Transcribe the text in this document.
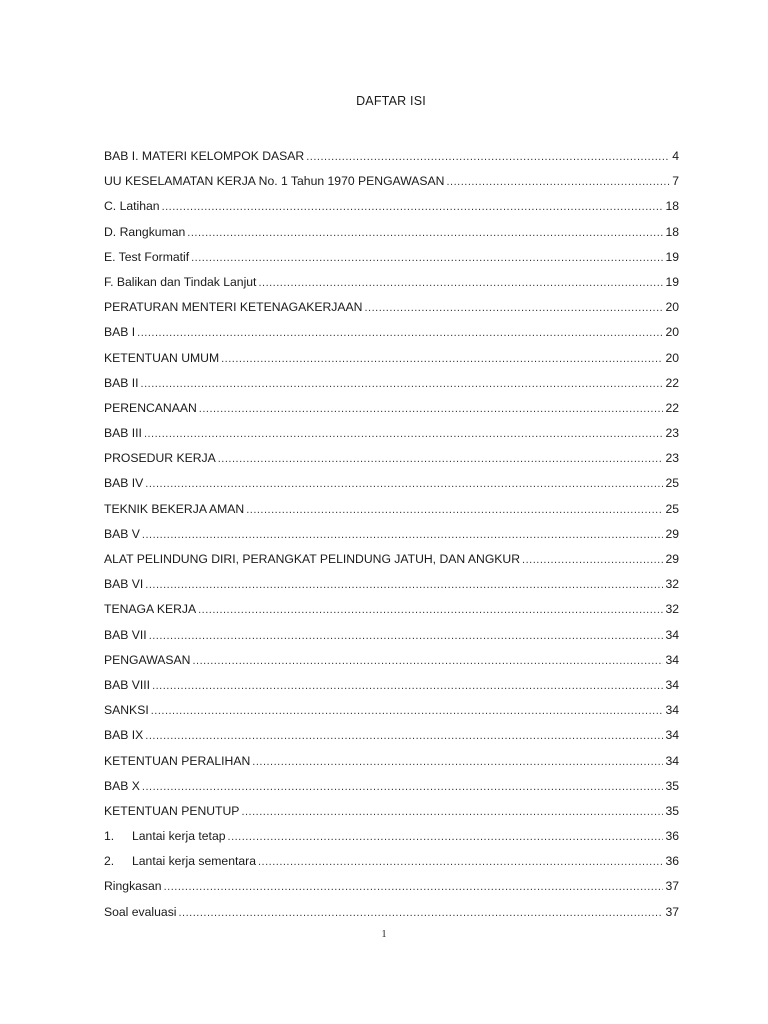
DAFTAR ISI
BAB I. MATERI KELOMPOK DASAR .....	4
UU KESELAMATAN KERJA No. 1 Tahun 1970 PENGAWASAN .....	7
C. Latihan .....	18
D. Rangkuman .....	18
E. Test Formatif .....	19
F. Balikan dan Tindak Lanjut .....	19
PERATURAN MENTERI KETENAGAKERJAAN .....	20
BAB I .....	20
KETENTUAN UMUM .....	20
BAB II .....	22
PERENCANAAN .....	22
BAB III .....	23
PROSEDUR KERJA .....	23
BAB IV .....	25
TEKNIK BEKERJA AMAN .....	25
BAB V .....	29
ALAT PELINDUNG DIRI, PERANGKAT PELINDUNG JATUH, DAN ANGKUR .....	29
BAB VI .....	32
TENAGA KERJA .....	32
BAB VII .....	34
PENGAWASAN .....	34
BAB VIII .....	34
SANKSI .....	34
BAB IX .....	34
KETENTUAN PERALIHAN .....	34
BAB X .....	35
KETENTUAN PENUTUP .....	35
1.	Lantai kerja tetap .....	36
2.	Lantai kerja sementara .....	36
Ringkasan .....	37
Soal evaluasi .....	37
1
